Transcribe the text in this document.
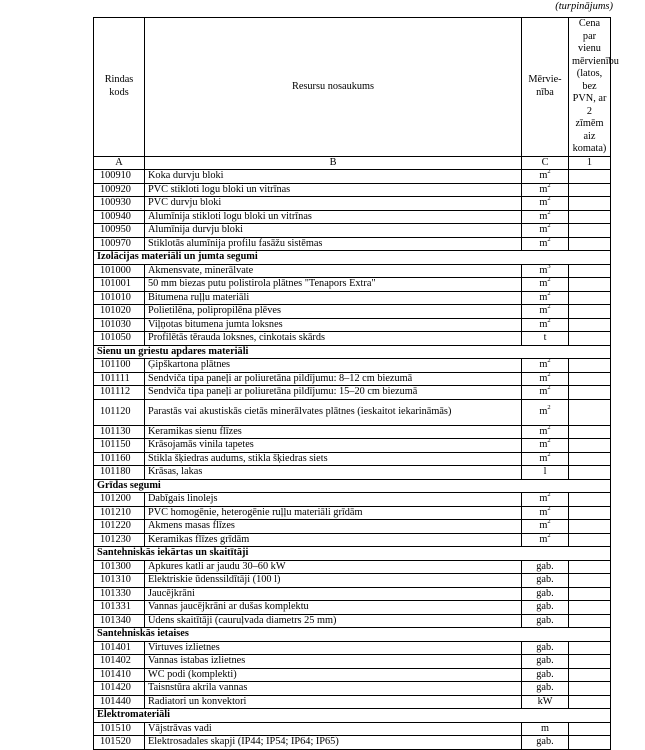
(turpinājums)
Rindas kods	Resursu nosaukums	Mērvie-nība	Cena par vienu mērvienību (latos, bez PVN, ar 2 zīmēm aiz komata)
A	B	C	1
100910	Koka durvju bloki	$m^2$	
100920	PVC stikloti logu bloki un vitrīnas	$m^2$	
100930	PVC durvju bloki	$m^2$	
100940	Alumīnija stikloti logu bloki un vitrīnas	$m^2$	
100950	Alumīnija durvju bloki	$m^2$	
100970	Stiklotās alumīnija profilu fasāžu sistēmas	$m^2$	
Izolācijas materiāli un jumta segumi			
101000	Akmensvate, minerālvate	$m^3$	
101001	50 mm biezas putu polistirola plātnes "Tenapors Extra"	$m^2$	
101010	Bitumena ruļļu materiāli	$m^2$	
101020	Polietilēna, polipropilēna plēves	$m^2$	
101030	Viļņotas bitumena jumta loksnes	$m^2$	
101050	Profilētās tērauda loksnes, cinkotais skārds	t	
Sienu un griestu apdares materiāli			
101100	Ģipškartona plātnes	$m^2$	
101111	Sendviča tipa paneļi ar poliuretāna pildījumu: 8–12 cm biezumā	$m^2$	
101112	Sendviča tipa paneļi ar poliuretāna pildījumu: 15–20 cm biezumā	$m^2$	
101120	Parastās vai akustiskās cietās minerālvates plātnes (ieskaitot iekarināmās)	$m^2$	
101130	Keramikas sienu flīzes	$m^2$	
101150	Krāsojamās vinila tapetes	$m^2$	
101160	Stikla šķiedras audums, stikla šķiedras siets	$m^2$	
101180	Krāsas, lakas	l	
Grīdas segumi			
101200	Dabīgais linolejs	$m^2$	
101210	PVC homogēnie, heterogēnie ruļļu materiāli grīdām	$m^2$	
101220	Akmens masas flīzes	$m^2$	
101230	Keramikas flīzes grīdām	$m^2$	
Santehniskās iekārtas un skaitītāji			
101300	Apkures katli ar jaudu 30–60 kW	gab.	
101310	Elektriskie ūdenssildītāji (100 l)	gab.	
101330	Jaucējkrāni	gab.	
101331	Vannas jaucējkrāni ar dušas komplektu	gab.	
101340	Ūdens skaitītāji (cauruļvada diametrs 25 mm)	gab.	
Santehniskās ietaises			
101401	Virtuves izlietnes	gab.	
101402	Vannas istabas izlietnes	gab.	
101410	WC podi (komplekti)	gab.	
101420	Taisnstūra akrila vannas	gab.	
101440	Radiatori un konvektori	kW	
Elektromateriāli			
101510	Vājstrāvas vadi	m	
101520	Elektrosadales skapji (IP44; IP54; IP64; IP65)	gab.	
